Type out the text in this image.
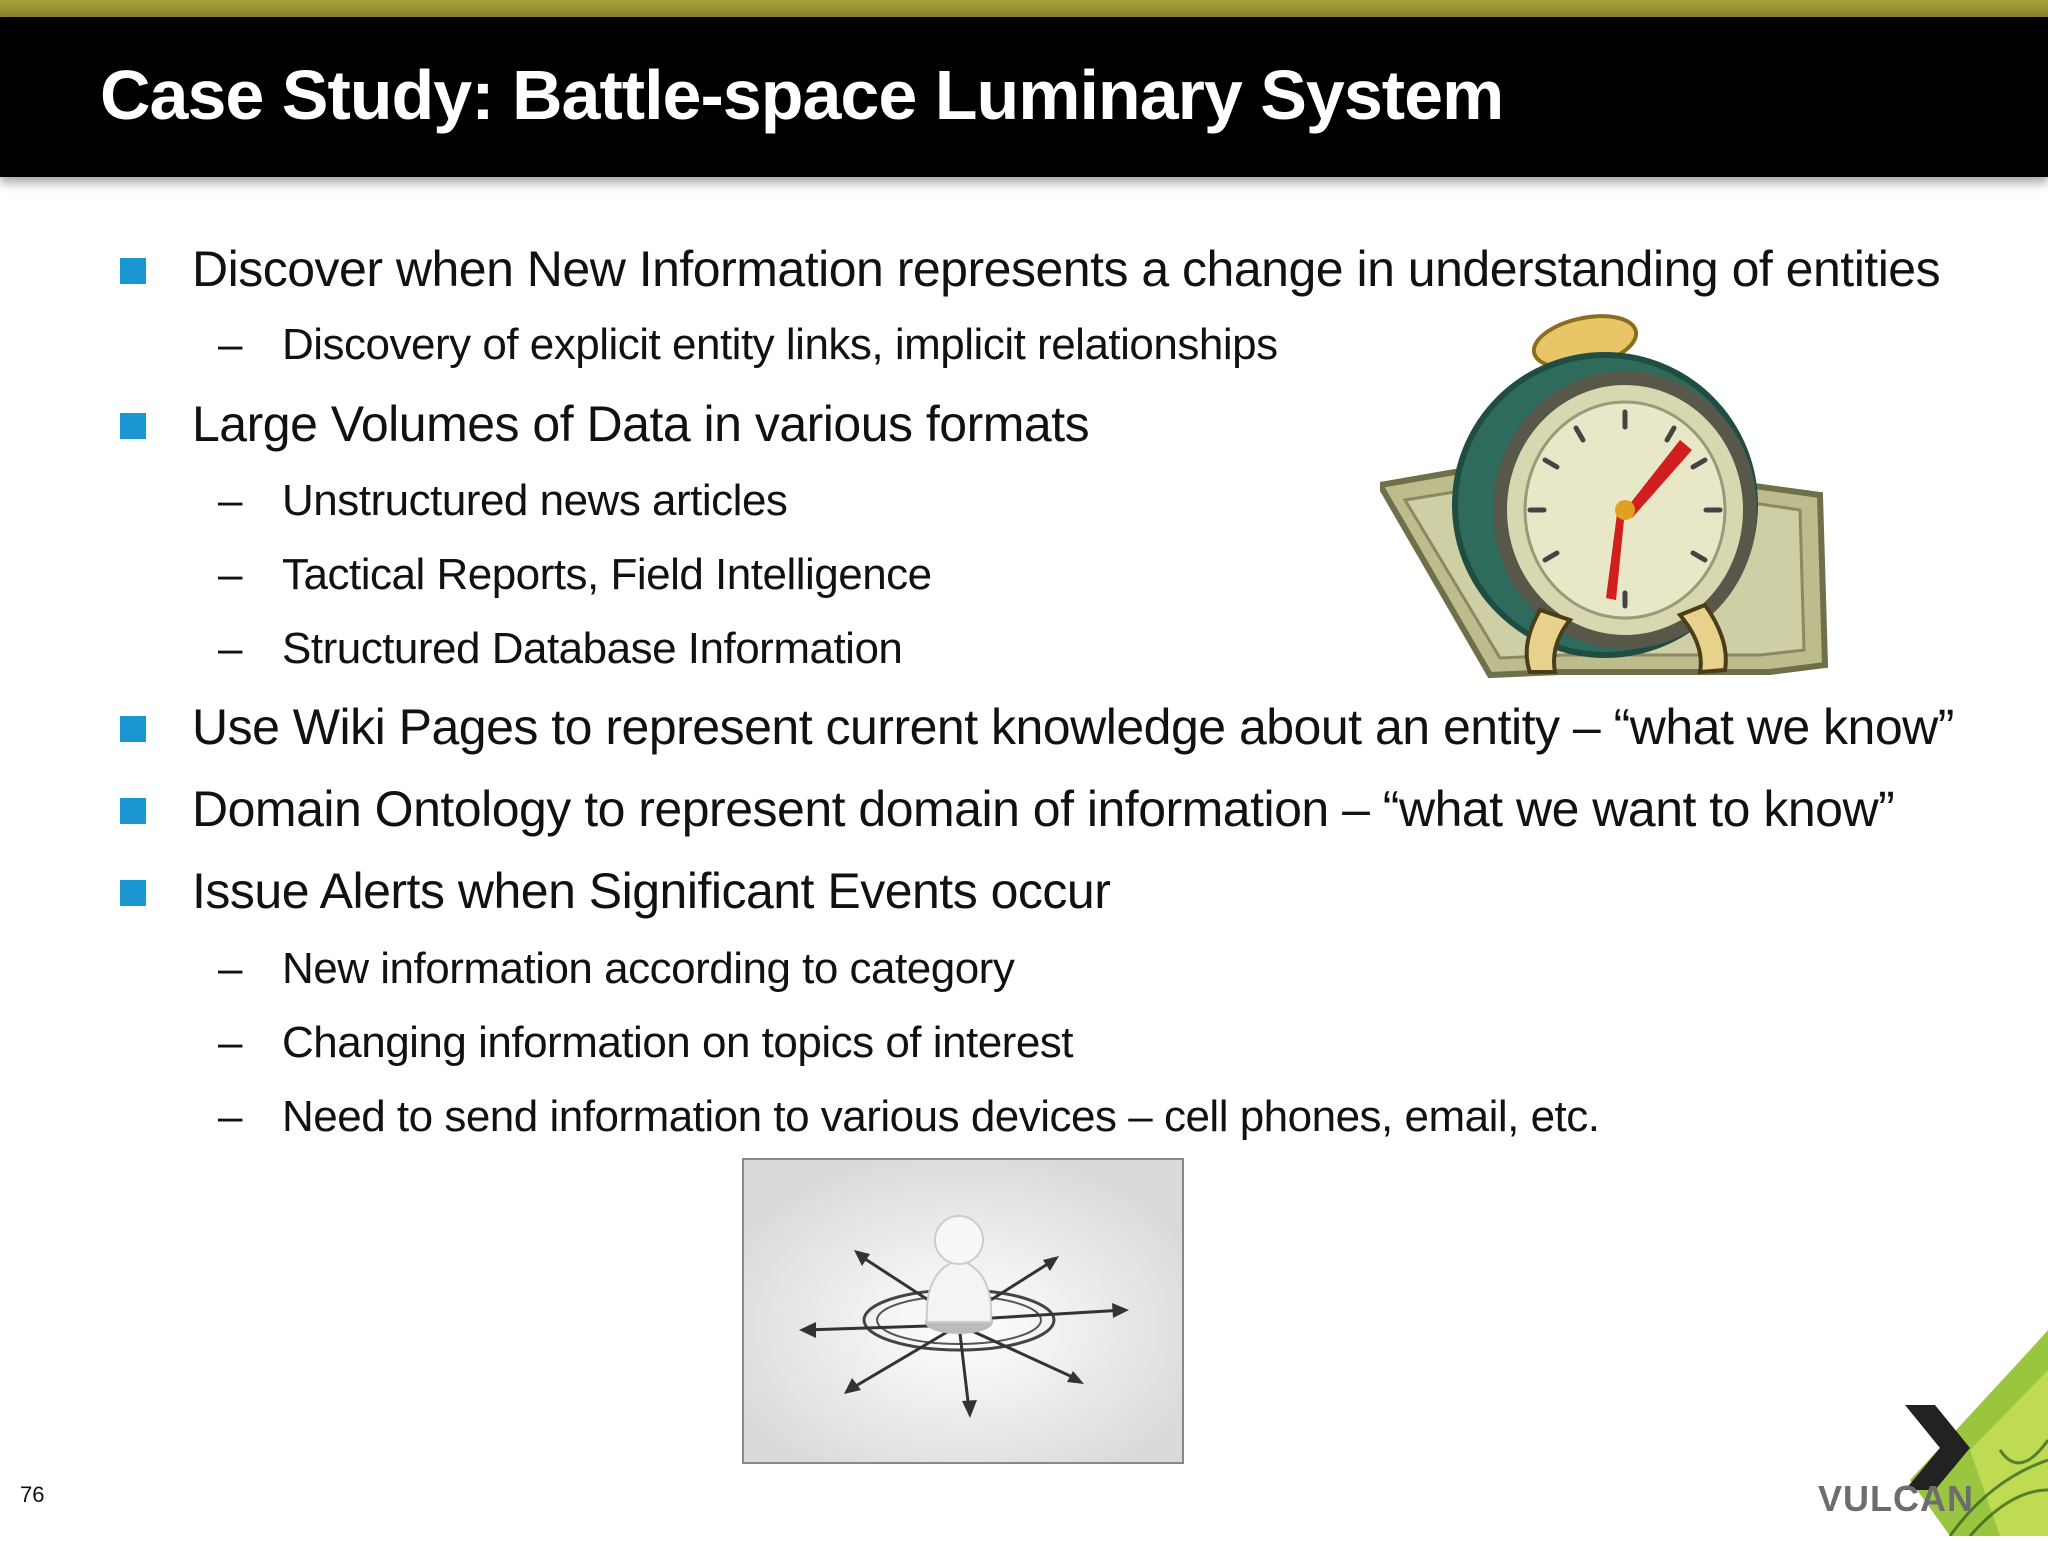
Case Study: Battle-space Luminary System
Discover when New Information represents a change in understanding of entities
– Discovery of explicit entity links, implicit relationships
Large Volumes of Data in various formats
– Unstructured news articles
– Tactical Reports, Field Intelligence
– Structured Database Information
Use Wiki Pages to represent current knowledge about an entity – “what we know”
Domain Ontology to represent domain of information – “what we want to know”
Issue Alerts when Significant Events occur
– New information according to category
– Changing information on topics of interest
– Need to send information to various devices – cell phones, email, etc.
76	VULCAN
